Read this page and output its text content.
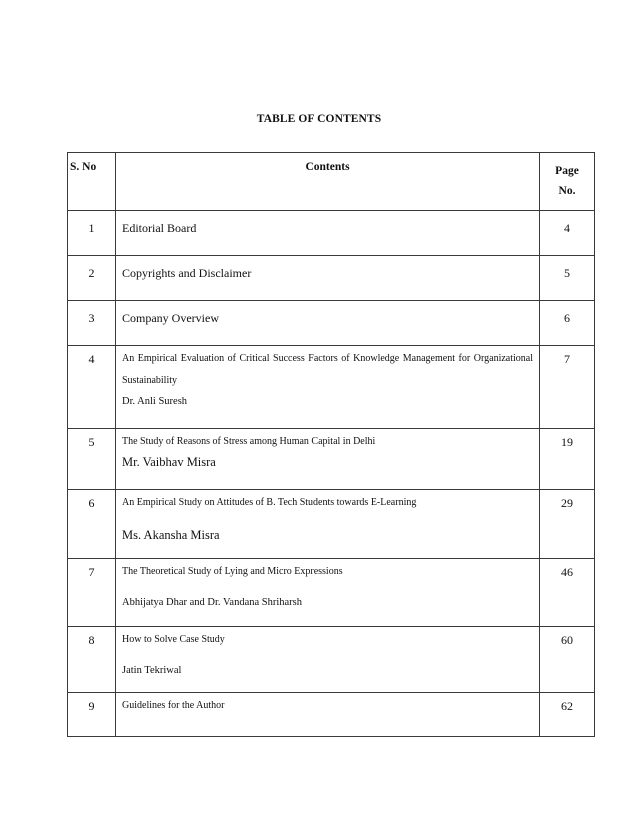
TABLE OF CONTENTS
S. No	Contents	Page
No.

1	Editorial Board	4
2	Copyrights and Disclaimer	5
3	Company Overview	6
4	An Empirical Evaluation of Critical Success Factors of Knowledge Management for Organizational Sustainability
Dr. Anli Suresh	7
5	The Study of Reasons of Stress among Human Capital in Delhi
Mr. Vaibhav Misra	19
6	An Empirical Study on Attitudes of B. Tech Students towards E-Learning
Ms. Akansha Misra	29
7	The Theoretical Study of Lying and Micro Expressions
Abhijatya Dhar and Dr. Vandana Shriharsh	46
8	How to Solve Case Study
Jatin Tekriwal	60
9	Guidelines for the Author	62
